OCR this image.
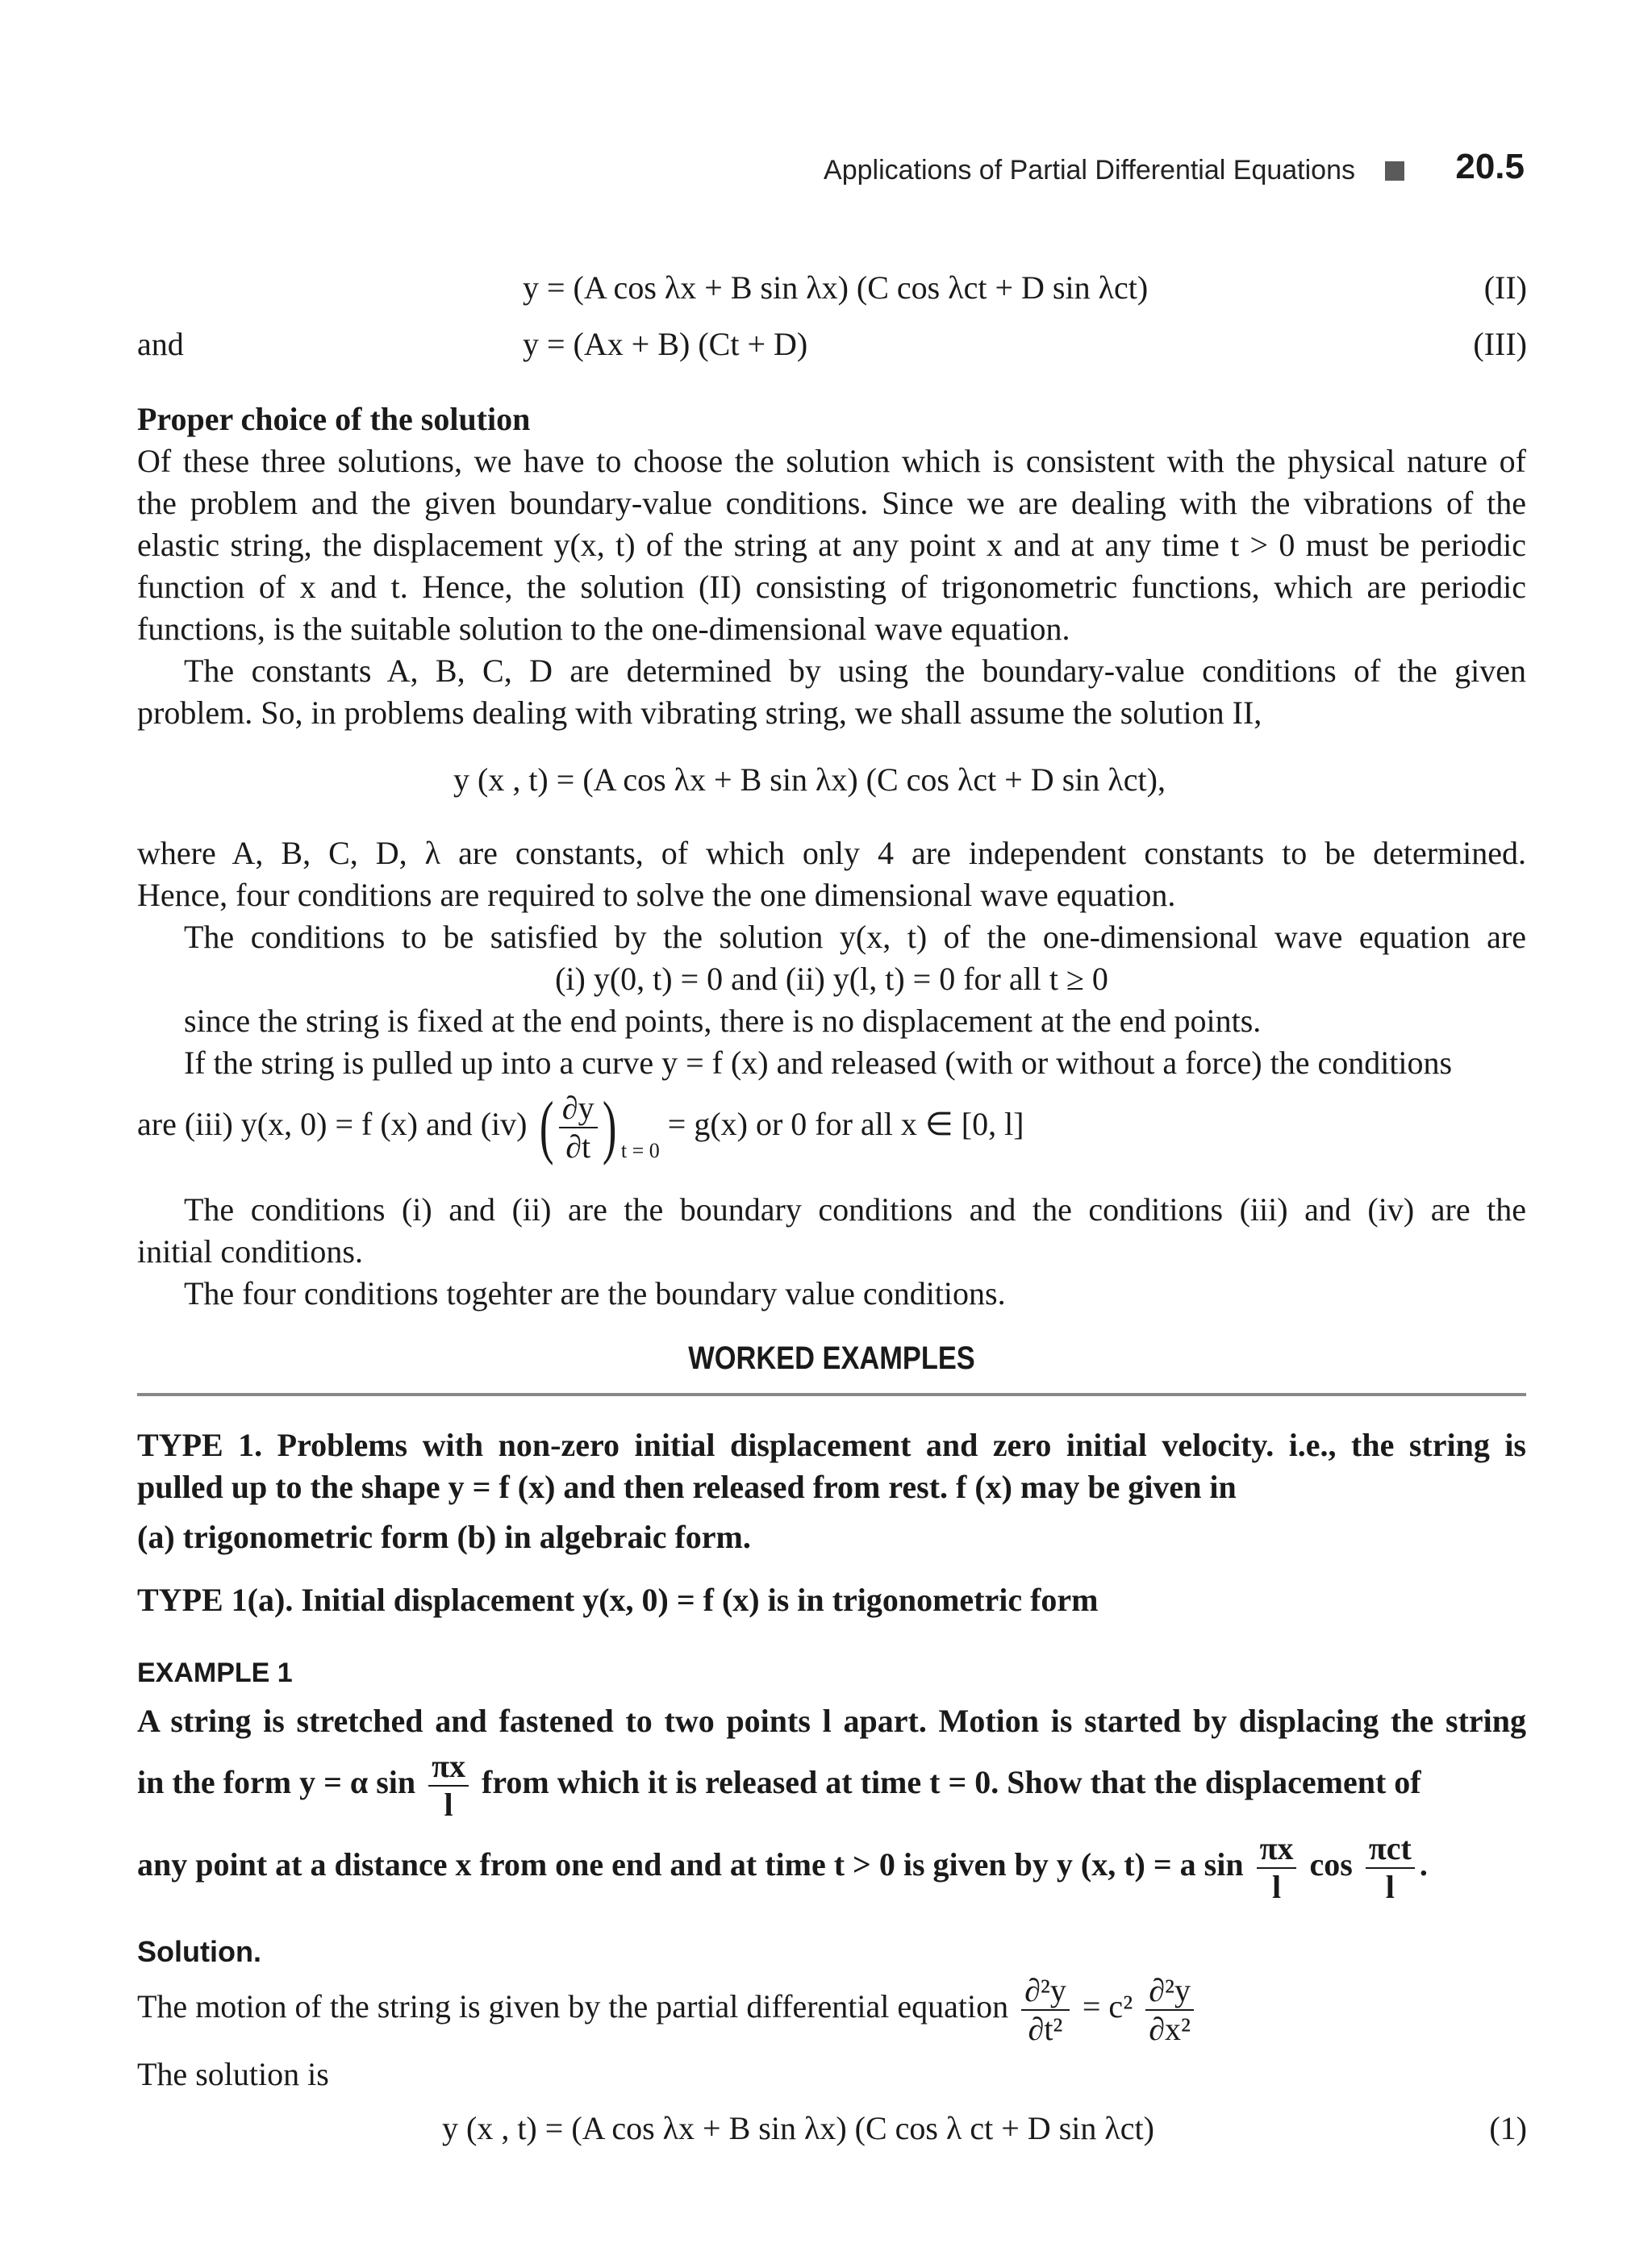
Applications of Partial Differential Equations	20.5
y = (A cos λx + B sin λx) (C cos λct + D sin λct)	(II)
and	y = (Ax + B) (Ct + D)	(III)
Proper choice of the solution
Of these three solutions, we have to choose the solution which is consistent with the physical nature of
the problem and the given boundary-value conditions. Since we are dealing with the vibrations of the
elastic string, the displacement y(x, t) of the string at any point x and at any time t > 0 must be periodic
function of x and t. Hence, the solution (II) consisting of trigonometric functions, which are periodic
functions, is the suitable solution to the one-dimensional wave equation.
The constants A, B, C, D are determined by using the boundary-value conditions of the given
problem. So, in problems dealing with vibrating string, we shall assume the solution II,
y (x , t) = (A cos λx + B sin λx) (C cos λct + D sin λct),
where A, B, C, D, λ are constants, of which only 4 are independent constants to be determined.
Hence, four conditions are required to solve the one dimensional wave equation.
The conditions to be satisfied by the solution y(x, t) of the one-dimensional wave equation are
(i) y(0, t) = 0 and (ii) y(l, t) = 0 for all t ≥ 0
since the string is fixed at the end points, there is no displacement at the end points.
If the string is pulled up into a curve y = f (x) and released (with or without a force) the conditions
are (iii) y(x, 0) = f (x) and (iv) ( $\frac{\partial y}{\partial t}$ ) $_{t = 0}$ = g(x) or 0 for all x ∈ [0, l]
The conditions (i) and (ii) are the boundary conditions and the conditions (iii) and (iv) are the
initial conditions.
The four conditions togehter are the boundary value conditions.
WORKED EXAMPLES
TYPE 1. Problems with non-zero initial displacement and zero initial velocity. i.e., the string is
pulled up to the shape y = f (x) and then released from rest. f (x) may be given in
(a) trigonometric form (b) in algebraic form.
TYPE 1(a). Initial displacement y(x, 0) = f (x) is in trigonometric form
EXAMPLE 1
A string is stretched and fastened to two points l apart. Motion is started by displacing the string
in the form y = α $\sin \frac{\pi x}{l}$ from which it is released at time t = 0. Show that the displacement of
any point at a distance x from one end and at time t > 0 is given by y (x, t) = a $\sin \frac{\pi x}{l}$ $\cos \frac{\text{πct}}{l}$ .
Solution.
The motion of the string is given by the partial differential equation $\frac{\text{∂²y}}{\text{∂t²}} = c^2 \frac{\text{∂²y}}{\text{∂x²}}$
The solution is
y (x , t) = (A cos λx + B sin λx) (C cos λ ct + D sin λct)	(1)
